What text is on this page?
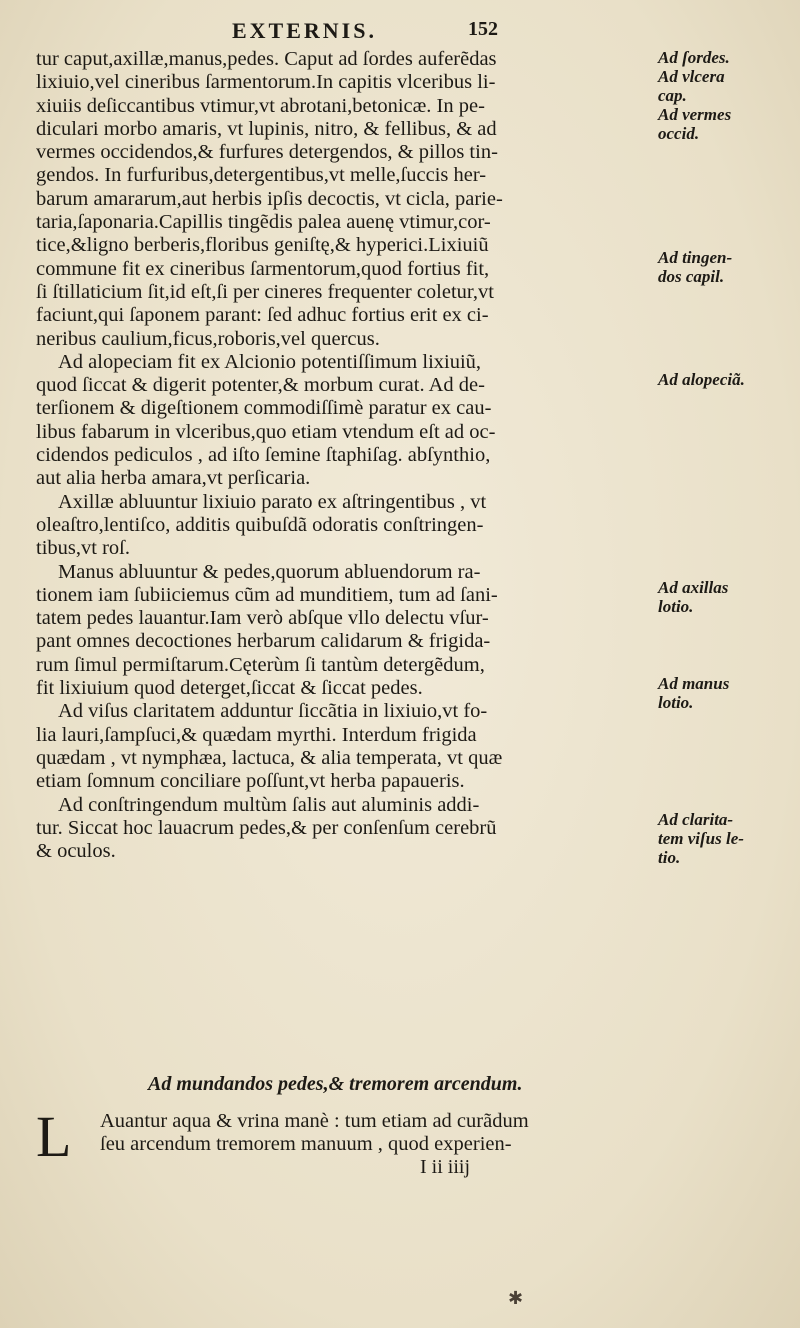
EXTERNIS.	152
tur caput,axillæ,manus,pedes. Caput ad ſordes auferẽdas
lixiuio,vel cineribus ſarmentorum.In capitis vlceribus li-
xiuiis deſiccantibus vtimur,vt abrotani,betonicæ. In pe-
diculari morbo amaris, vt lupinis, nitro, & fellibus, & ad
vermes occidendos,& furfures detergendos, & pillos tin-
gendos. In furfuribus,detergentibus,vt melle,ſuccis her-
barum amararum,aut herbis ipſis decoctis, vt cicla, parie-
taria,ſaponaria.Capillis tingẽdis palea auenę vtimur,cor-
tice,&ligno berberis,floribus geniſtę,& hyperici.Lixiuiũ
commune fit ex cineribus ſarmentorum,quod fortius fit,
ſi ſtillaticium ſit,id eſt,ſi per cineres frequenter coletur,vt
faciunt,qui ſaponem parant: ſed adhuc fortius erit ex ci-
neribus caulium,ficus,roboris,vel quercus.
Ad alopeciam fit ex Alcionio potentiſſimum lixiuiũ,
quod ſiccat & digerit potenter,& morbum curat. Ad de-
terſionem & digeſtionem commodiſſimè paratur ex cau-
libus fabarum in vlceribus,quo etiam vtendum eſt ad oc-
cidendos pediculos , ad iſto ſemine ſtaphiſag. abſynthio,
aut alia herba amara,vt perſicaria.
Axillæ abluuntur lixiuio parato ex aſtringentibus , vt
oleaſtro,lentiſco, additis quibuſdã odoratis conſtringen-
tibus,vt roſ.
Manus abluuntur & pedes,quorum abluendorum ra-
tionem iam ſubiiciemus cũm ad munditiem, tum ad ſani-
tatem pedes lauantur.Iam verò abſque vllo delectu vſur-
pant omnes decoctiones herbarum calidarum & frigida-
rum ſimul permiſtarum.Cęterùm ſi tantùm detergẽdum,
fit lixiuium quod deterget,ſiccat & ſiccat pedes.
Ad viſus claritatem adduntur ſiccãtia in lixiuio,vt fo-
lia lauri,ſampſuci,& quædam myrthi. Interdum frigida
quædam , vt nymphæa, lactuca, & alia temperata, vt quæ
etiam ſomnum conciliare poſſunt,vt herba papaueris.
Ad conſtringendum multùm ſalis aut aluminis addi-
tur. Siccat hoc lauacrum pedes,& per conſenſum cerebrũ
& oculos.
Ad ſordes.
Ad vlcera
cap.
Ad vermes
occid.
Ad tingen-
dos capil.
Ad alopeciã.
Ad axillas
lotio.
Ad manus
lotio.
Ad clarita-
tem viſus le-
tio.
Ad mundandos pedes,& tremorem arcendum.
L Auantur aqua & vrina manè : tum etiam ad curãdum
ſeu arcendum tremorem manuum , quod experien-
I ii iiij
✱
